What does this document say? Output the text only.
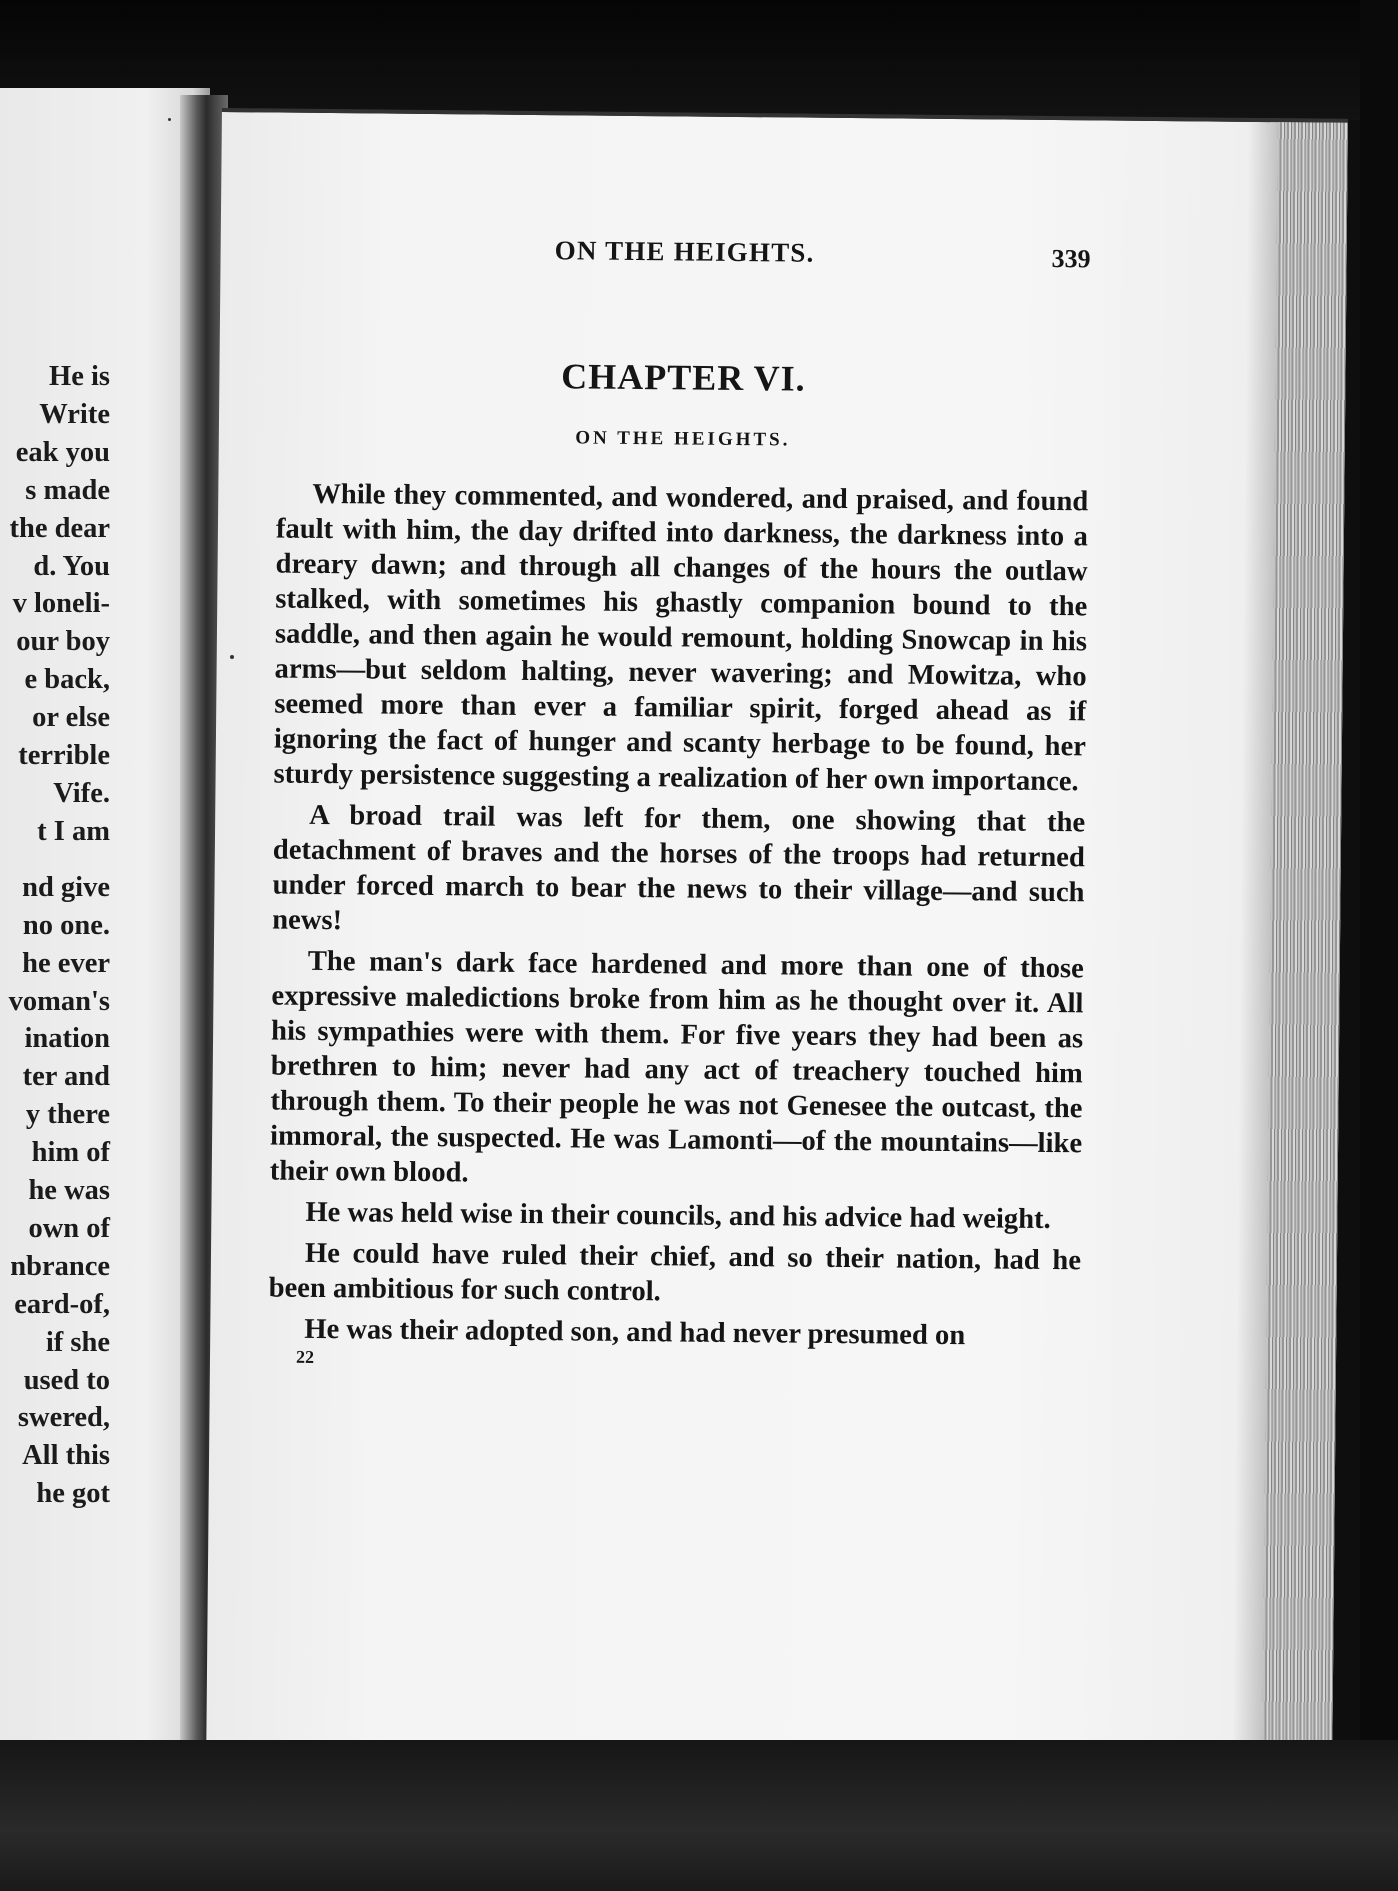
He is
Write
eak you
s made
the dear
d. You
v loneli-
our boy
e back,
or else
terrible
Vife.
t I am
nd give
no one.
he ever
voman's
ination
ter and
y there
him of
he was
own of
nbrance
eard-of,
if she
used to
swered,
All this
he got
ON THE HEIGHTS.	339
CHAPTER VI.
ON THE HEIGHTS.

While they commented, and wondered, and praised, and found fault with him, the day drifted into darkness, the darkness into a dreary dawn; and through all changes of the hours the outlaw stalked, with sometimes his ghastly companion bound to the saddle, and then again he would remount, holding Snowcap in his arms—but seldom halting, never wavering; and Mowitza, who seemed more than ever a familiar spirit, forged ahead as if ignoring the fact of hunger and scanty herbage to be found, her sturdy persistence suggesting a realization of her own importance.

A broad trail was left for them, one showing that the detachment of braves and the horses of the troops had returned under forced march to bear the news to their village—and such news!

The man's dark face hardened and more than one of those expressive maledictions broke from him as he thought over it. All his sympathies were with them. For five years they had been as brethren to him; never had any act of treachery touched him through them. To their people he was not Genesee the outcast, the immoral, the suspected. He was Lamonti—of the mountains—like their own blood.

He was held wise in their councils, and his advice had weight.

He could have ruled their chief, and so their nation, had he been ambitious for such control.

He was their adopted son, and had never presumed on

22
